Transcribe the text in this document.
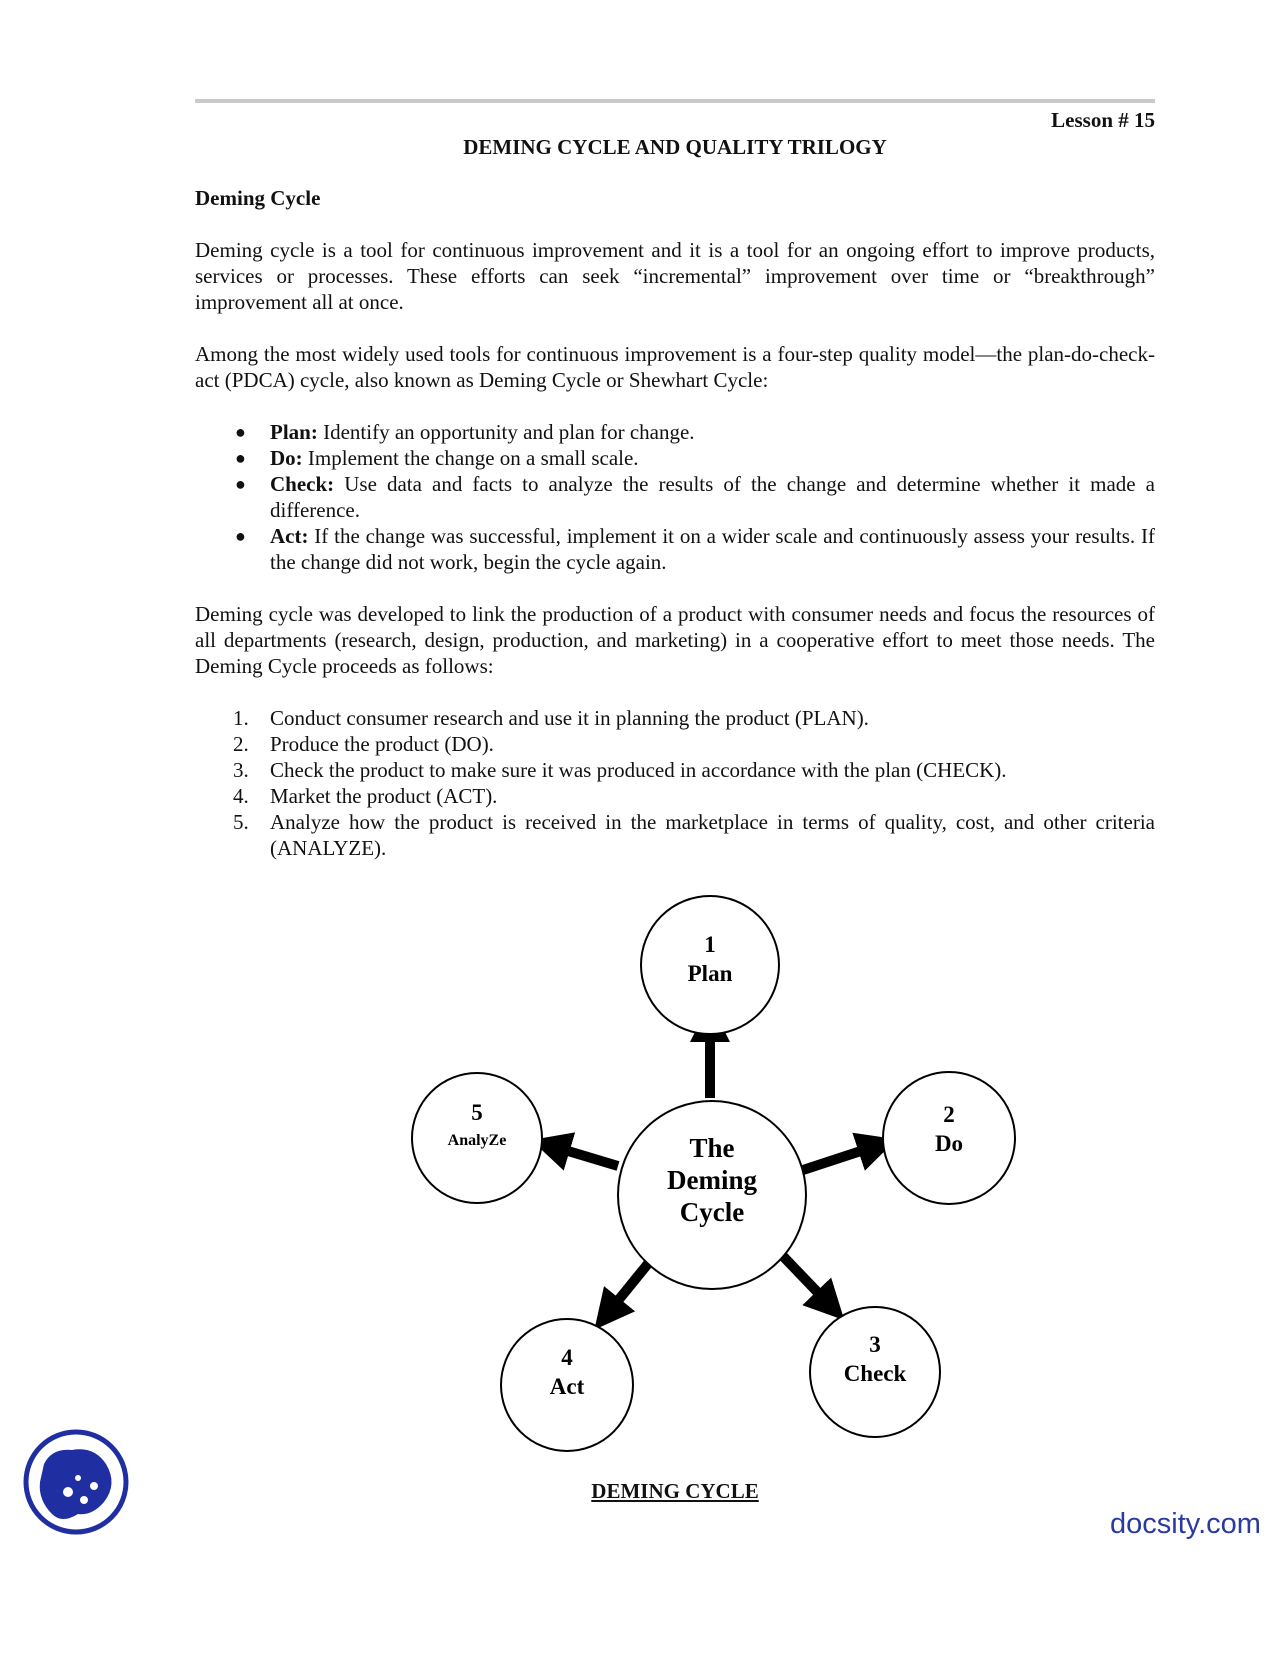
Lesson # 15
DEMING CYCLE AND QUALITY TRILOGY
Deming Cycle

Deming cycle is a tool for continuous improvement and it is a tool for an ongoing effort to improve products, services or processes. These efforts can seek “incremental” improvement over time or “breakthrough” improvement all at once.

Among the most widely used tools for continuous improvement is a four-step quality model—the plan-do-check-act (PDCA) cycle, also known as Deming Cycle or Shewhart Cycle:

● Plan: Identify an opportunity and plan for change.
● Do: Implement the change on a small scale.
● Check: Use data and facts to analyze the results of the change and determine whether it made a difference.
● Act: If the change was successful, implement it on a wider scale and continuously assess your results. If the change did not work, begin the cycle again.

Deming cycle was developed to link the production of a product with consumer needs and focus the resources of all departments (research, design, production, and marketing) in a cooperative effort to meet those needs. The Deming Cycle proceeds as follows:

1. Conduct consumer research and use it in planning the product (PLAN).
2. Produce the product (DO).
3. Check the product to make sure it was produced in accordance with the plan (CHECK).
4. Market the product (ACT).
5. Analyze how the product is received in the marketplace in terms of quality, cost, and other criteria (ANALYZE).
The
Deming
Cycle
1
Plan
2
Do
3
Check
4
Act
5
AnalyZe
DEMING CYCLE
docsity.com
